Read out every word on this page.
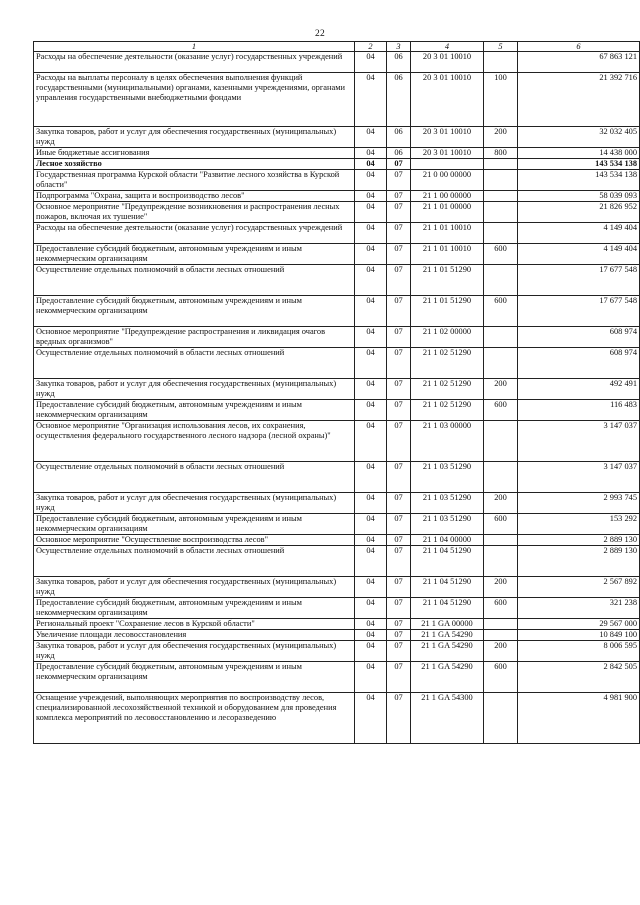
22
1	2	3	4	5	6
Расходы на обеспечение деятельности (оказание услуг) государственных учреждений	04	06	20 3 01 10010		67 863 121
Расходы на выплаты персоналу в целях обеспечения выполнения функций государственными (муниципальными) органами, казенными учреждениями, органами управления государственными внебюджетными фондами	04	06	20 3 01 10010	100	21 392 716
Закупка товаров, работ и услуг для обеспечения государственных (муниципальных) нужд	04	06	20 3 01 10010	200	32 032 405
Иные бюджетные ассигнования	04	06	20 3 01 10010	800	14 438 000
Лесное хозяйство	04	07			143 534 138
Государственная программа Курской области "Развитие лесного хозяйства в Курской области"	04	07	21 0 00 00000		143 534 138
Подпрограмма "Охрана, защита и воспроизводство лесов"	04	07	21 1 00 00000		58 039 093
Основное мероприятие "Предупреждение возникновения и распространения лесных пожаров, включая их тушение"	04	07	21 1 01 00000		21 826 952
Расходы на обеспечение деятельности (оказание услуг) государственных учреждений	04	07	21 1 01 10010		4 149 404
Предоставление субсидий бюджетным, автономным учреждениям и иным некоммерческим организациям	04	07	21 1 01 10010	600	4 149 404
Осуществление отдельных полномочий в области лесных отношений	04	07	21 1 01 51290		17 677 548
Предоставление субсидий бюджетным, автономным учреждениям и иным некоммерческим организациям	04	07	21 1 01 51290	600	17 677 548
Основное мероприятие "Предупреждение распространения и ликвидация очагов вредных организмов"	04	07	21 1 02 00000		608 974
Осуществление отдельных полномочий в области лесных отношений	04	07	21 1 02 51290		608 974
Закупка товаров, работ и услуг для обеспечения государственных (муниципальных) нужд	04	07	21 1 02 51290	200	492 491
Предоставление субсидий бюджетным, автономным учреждениям и иным некоммерческим организациям	04	07	21 1 02 51290	600	116 483
Основное мероприятие "Организация использования лесов, их сохранения, осуществления федерального государственного лесного надзора (лесной охраны)"	04	07	21 1 03 00000		3 147 037
Осуществление отдельных полномочий в области лесных отношений	04	07	21 1 03 51290		3 147 037
Закупка товаров, работ и услуг для обеспечения государственных (муниципальных) нужд	04	07	21 1 03 51290	200	2 993 745
Предоставление субсидий бюджетным, автономным учреждениям и иным некоммерческим организациям	04	07	21 1 03 51290	600	153 292
Основное мероприятие "Осуществление воспроизводства лесов"	04	07	21 1 04 00000		2 889 130
Осуществление отдельных полномочий в области лесных отношений	04	07	21 1 04 51290		2 889 130
Закупка товаров, работ и услуг для обеспечения государственных (муниципальных) нужд	04	07	21 1 04 51290	200	2 567 892
Предоставление субсидий бюджетным, автономным учреждениям и иным некоммерческим организациям	04	07	21 1 04 51290	600	321 238
Региональный проект "Сохранение лесов в Курской области"	04	07	21 1 GA 00000		29 567 000
Увеличение площади лесовосстановления	04	07	21 1 GA 54290		10 849 100
Закупка товаров, работ и услуг для обеспечения государственных (муниципальных) нужд	04	07	21 1 GA 54290	200	8 006 595
Предоставление субсидий бюджетным, автономным учреждениям и иным некоммерческим организациям	04	07	21 1 GA 54290	600	2 842 505
Оснащение учреждений, выполняющих мероприятия по воспроизводству лесов, специализированной лесохозяйственной техникой и оборудованием для проведения комплекса мероприятий по лесовосстановлению и лесоразведению	04	07	21 1 GA 54300		4 981 900
